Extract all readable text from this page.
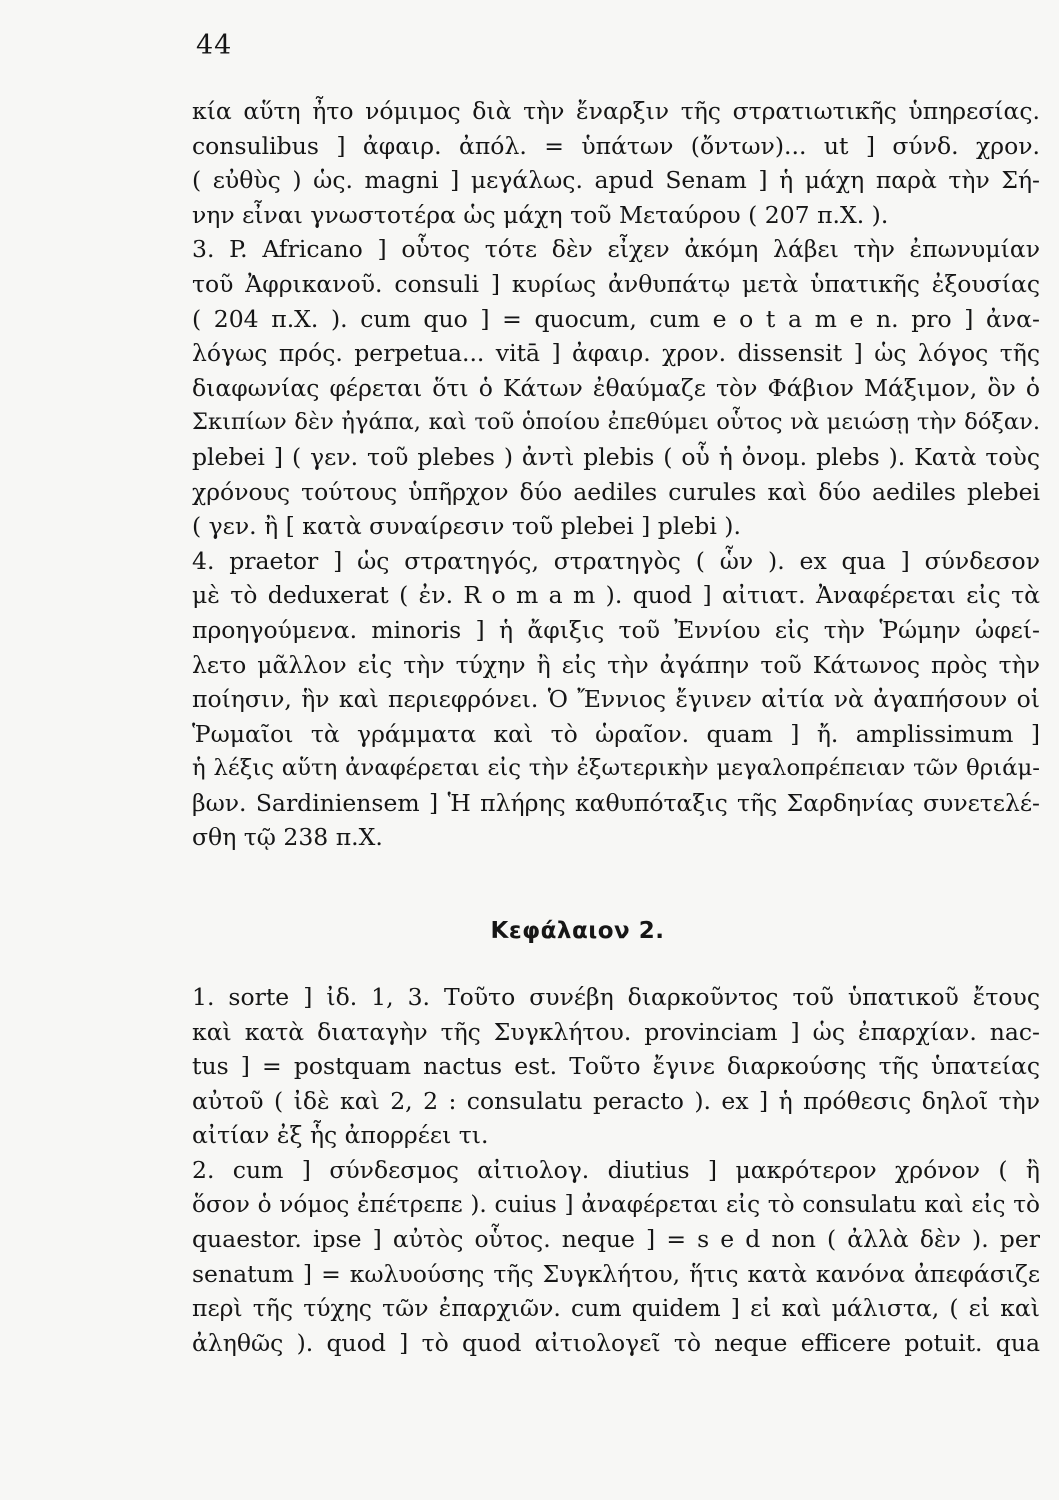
44
κία αὕτη ἦτο νόμιμος διὰ τὴν ἔναρξιν τῆς στρατιωτικῆς ὑπηρεσίας.
consulibus ] ἀφαιρ. ἀπόλ. = ὑπάτων (ὄντων)... ut ] σύνδ. χρον.
( εὐθὺς ) ὡς. magni ] μεγάλως. apud Senam ] ἡ μάχη παρὰ τὴν Σή-
νην εἶναι γνωστοτέρα ὡς μάχη τοῦ Μεταύρου ( 207 π.Χ. ).
3. P. Africano ] οὗτος τότε δὲν εἶχεν ἀκόμη λάβει τὴν ἐπωνυμίαν
τοῦ Ἀφρικανοῦ. consuli ] κυρίως ἀνθυπάτῳ μετὰ ὑπατικῆς ἐξουσίας
( 204 π.Χ. ). cum quo ] = quocum, cum e o t a m e n. pro ] ἀνα-
λόγως πρός. perpetua... vitā ] ἀφαιρ. χρον. dissensit ] ὡς λόγος τῆς
διαφωνίας φέρεται ὅτι ὁ Κάτων ἐθαύμαζε τὸν Φάβιον Μάξιμον, ὃν ὁ
Σκιπίων δὲν ἠγάπα, καὶ τοῦ ὁποίου ἐπεθύμει οὗτος νὰ μειώσῃ τὴν δόξαν.
plebei ] ( γεν. τοῦ plebes ) ἀντὶ plebis ( οὗ ἡ ὀνομ. plebs ). Κατὰ τοὺς
χρόνους τούτους ὑπῆρχον δύο aediles curules καὶ δύο aediles plebei
( γεν. ἢ [ κατὰ συναίρεσιν τοῦ plebei ] plebi ).
4. praetor ] ὡς στρατηγός, στρατηγὸς ( ὧν ). ex qua ] σύνδεσον
μὲ τὸ deduxerat ( ἐν. R o m a m ). quod ] αἰτιατ. Ἀναφέρεται εἰς τὰ
προηγούμενα. minoris ] ἡ ἄφιξις τοῦ Ἐννίου εἰς τὴν Ῥώμην ὠφεί-
λετο μᾶλλον εἰς τὴν τύχην ἢ εἰς τὴν ἀγάπην τοῦ Κάτωνος πρὸς τὴν
ποίησιν, ἣν καὶ περιεφρόνει. Ὁ Ἔννιος ἔγινεν αἰτία νὰ ἀγαπήσουν οἱ
Ῥωμαῖοι τὰ γράμματα καὶ τὸ ὡραῖον. quam ] ἤ. amplissimum ]
ἡ λέξις αὕτη ἀναφέρεται εἰς τὴν ἐξωτερικὴν μεγαλοπρέπειαν τῶν θριάμ-
βων. Sardiniensem ] Ἡ πλήρης καθυπόταξις τῆς Σαρδηνίας συνετελέ-
σθη τῷ 238 π.Χ.
Κεφάλαιον 2.
1. sorte ] ἰδ. 1, 3. Τοῦτο συνέβη διαρκοῦντος τοῦ ὑπατικοῦ ἔτους
καὶ κατὰ διαταγὴν τῆς Συγκλήτου. provinciam ] ὡς ἐπαρχίαν. nac-
tus ] = postquam nactus est. Τοῦτο ἔγινε διαρκούσης τῆς ὑπατείας
αὐτοῦ ( ἰδὲ καὶ 2, 2 : consulatu peracto ). ex ] ἡ πρόθεσις δηλοῖ τὴν
αἰτίαν ἐξ ἧς ἀπορρέει τι.
2. cum ] σύνδεσμος αἰτιολογ. diutius ] μακρότερον χρόνον ( ἢ
ὅσον ὁ νόμος ἐπέτρεπε ). cuius ] ἀναφέρεται εἰς τὸ consulatu καὶ εἰς τὸ
quaestor. ipse ] αὐτὸς οὗτος. neque ] = s e d non ( ἀλλὰ δὲν ). per
senatum ] = κωλυούσης τῆς Συγκλήτου, ἥτις κατὰ κανόνα ἀπεφάσιζε
περὶ τῆς τύχης τῶν ἐπαρχιῶν. cum quidem ] εἰ καὶ μάλιστα, ( εἰ καὶ
ἀληθῶς ). quod ] τὸ quod αἰτιολογεῖ τὸ neque efficere potuit. qua
